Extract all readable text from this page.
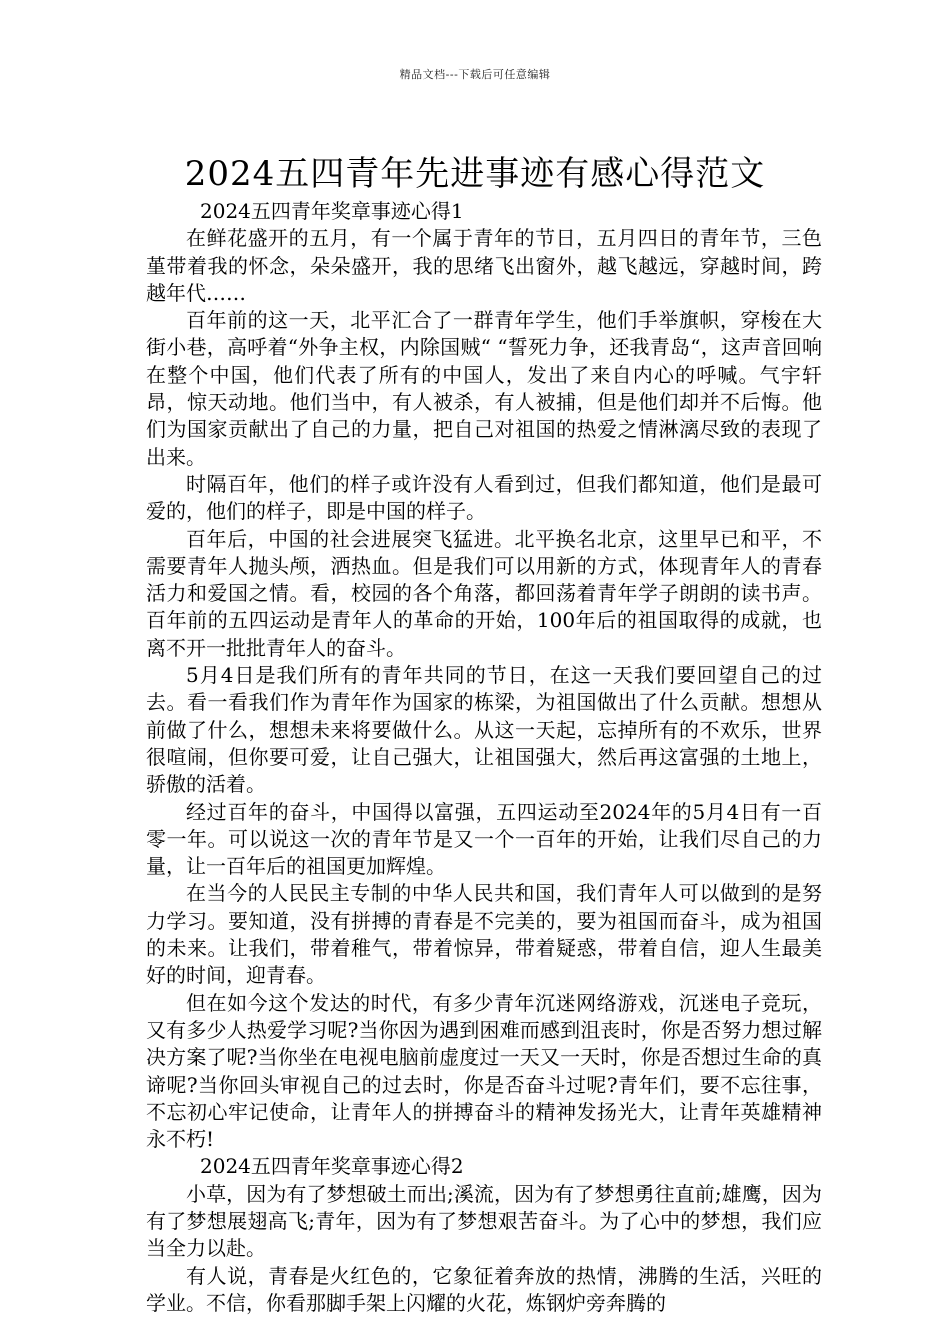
精品文档---下载后可任意编辑
2024五四青年先进事迹有感心得范文

2024五四青年奖章事迹心得1

在鲜花盛开的五月，有一个属于青年的节日，五月四日的青年节，三色堇带着我的怀念，朵朵盛开，我的思绪飞出窗外，越飞越远，穿越时间，跨越年代……

百年前的这一天，北平汇合了一群青年学生，他们手举旗帜，穿梭在大街小巷，高呼着“外争主权，内除国贼“ “誓死力争，还我青岛“，这声音回响在整个中国，他们代表了所有的中国人，发出了来自内心的呼喊。气宇轩昂，惊天动地。他们当中，有人被杀，有人被捕，但是他们却并不后悔。他们为国家贡献出了自己的力量，把自己对祖国的热爱之情淋漓尽致的表现了出来。

时隔百年，他们的样子或许没有人看到过，但我们都知道，他们是最可爱的，他们的样子，即是中国的样子。

百年后，中国的社会进展突飞猛进。北平换名北京，这里早已和平，不需要青年人抛头颅，洒热血。但是我们可以用新的方式，体现青年人的青春活力和爱国之情。看，校园的各个角落，都回荡着青年学子朗朗的读书声。百年前的五四运动是青年人的革命的开始，100年后的祖国取得的成就，也离不开一批批青年人的奋斗。

5月4日是我们所有的青年共同的节日，在这一天我们要回望自己的过去。看一看我们作为青年作为国家的栋梁，为祖国做出了什么贡献。想想从前做了什么，想想未来将要做什么。从这一天起，忘掉所有的不欢乐，世界很喧闹，但你要可爱，让自己强大，让祖国强大，然后再这富强的土地上，骄傲的活着。

经过百年的奋斗，中国得以富强，五四运动至2024年的5月4日有一百零一年。可以说这一次的青年节是又一个一百年的开始，让我们尽自己的力量，让一百年后的祖国更加辉煌。

在当今的人民民主专制的中华人民共和国，我们青年人可以做到的是努力学习。要知道，没有拼搏的青春是不完美的，要为祖国而奋斗，成为祖国的未来。让我们，带着稚气，带着惊异，带着疑惑，带着自信，迎人生最美好的时间，迎青春。

但在如今这个发达的时代，有多少青年沉迷网络游戏，沉迷电子竞玩，又有多少人热爱学习呢?当你因为遇到困难而感到沮丧时，你是否努力想过解决方案了呢?当你坐在电视电脑前虚度过一天又一天时，你是否想过生命的真谛呢?当你回头审视自己的过去时，你是否奋斗过呢?青年们，要不忘往事，不忘初心牢记使命，让青年人的拼搏奋斗的精神发扬光大，让青年英雄精神永不朽!

2024五四青年奖章事迹心得2

小草，因为有了梦想破土而出;溪流，因为有了梦想勇往直前;雄鹰，因为有了梦想展翅高飞;青年，因为有了梦想艰苦奋斗。为了心中的梦想，我们应当全力以赴。

有人说，青春是火红色的，它象征着奔放的热情，沸腾的生活，兴旺的学业。不信，你看那脚手架上闪耀的火花，炼钢炉旁奔腾的
